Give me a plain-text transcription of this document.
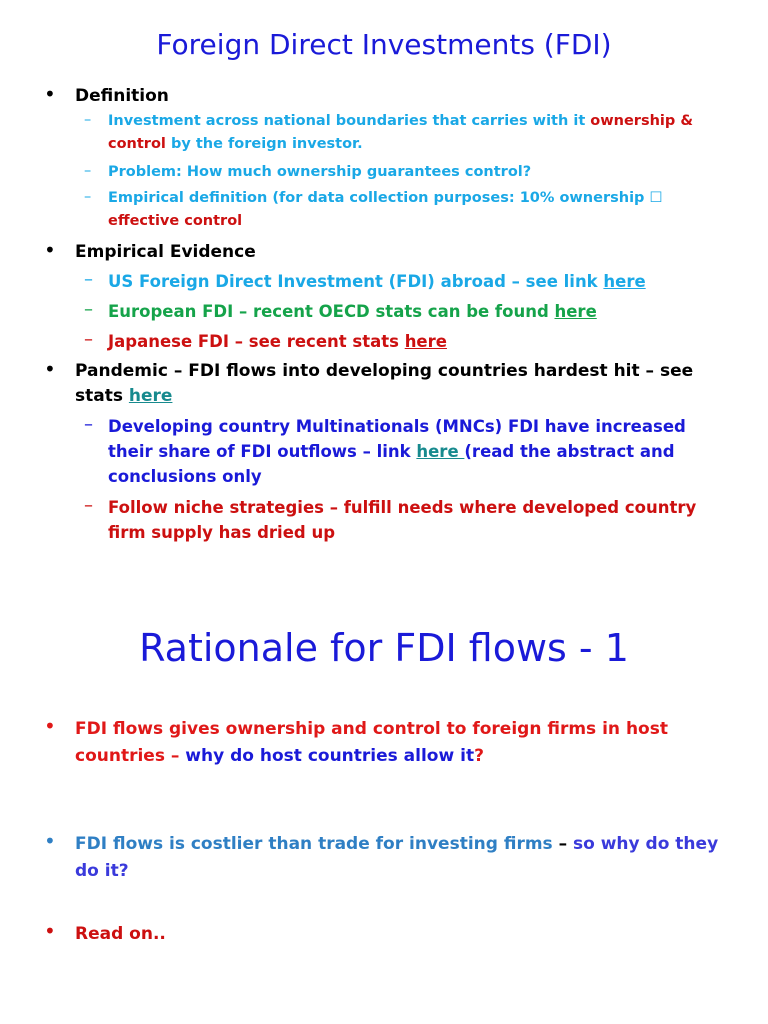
Foreign Direct Investments (FDI)
• Definition
– Investment across national boundaries that carries with it ownership & control by the foreign investor.
– Problem: How much ownership guarantees control?
– Empirical definition (for data collection purposes: 10% ownership ☐ effective control
• Empirical Evidence
– US Foreign Direct Investment (FDI) abroad – see link here
– European FDI – recent OECD stats can be found here
– Japanese FDI – see recent stats here
• Pandemic – FDI flows into developing countries hardest hit – see stats here
– Developing country Multinationals (MNCs) FDI have increased their share of FDI outflows – link here (read the abstract and conclusions only
– Follow niche strategies – fulfill needs where developed country firm supply has dried up
Rationale for FDI flows - 1
• FDI flows gives ownership and control to foreign firms in host countries – why do host countries allow it?
• FDI flows is costlier than trade for investing firms – so why do they do it?
• Read on..
